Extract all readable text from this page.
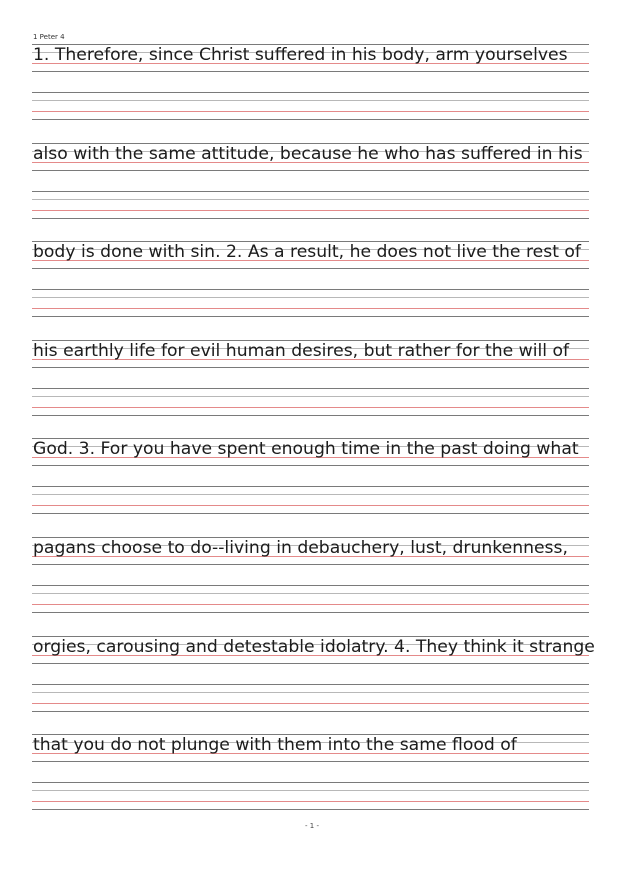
1 Peter 4
1. Therefore, since Christ suffered in his body, arm yourselves
also with the same attitude, because he who has suffered in his
body is done with sin. 2. As a result, he does not live the rest of
his earthly life for evil human desires, but rather for the will of
God. 3. For you have spent enough time in the past doing what
pagans choose to do--living in debauchery, lust, drunkenness,
orgies, carousing and detestable idolatry. 4. They think it strange
that you do not plunge with them into the same flood of
- 1 -
